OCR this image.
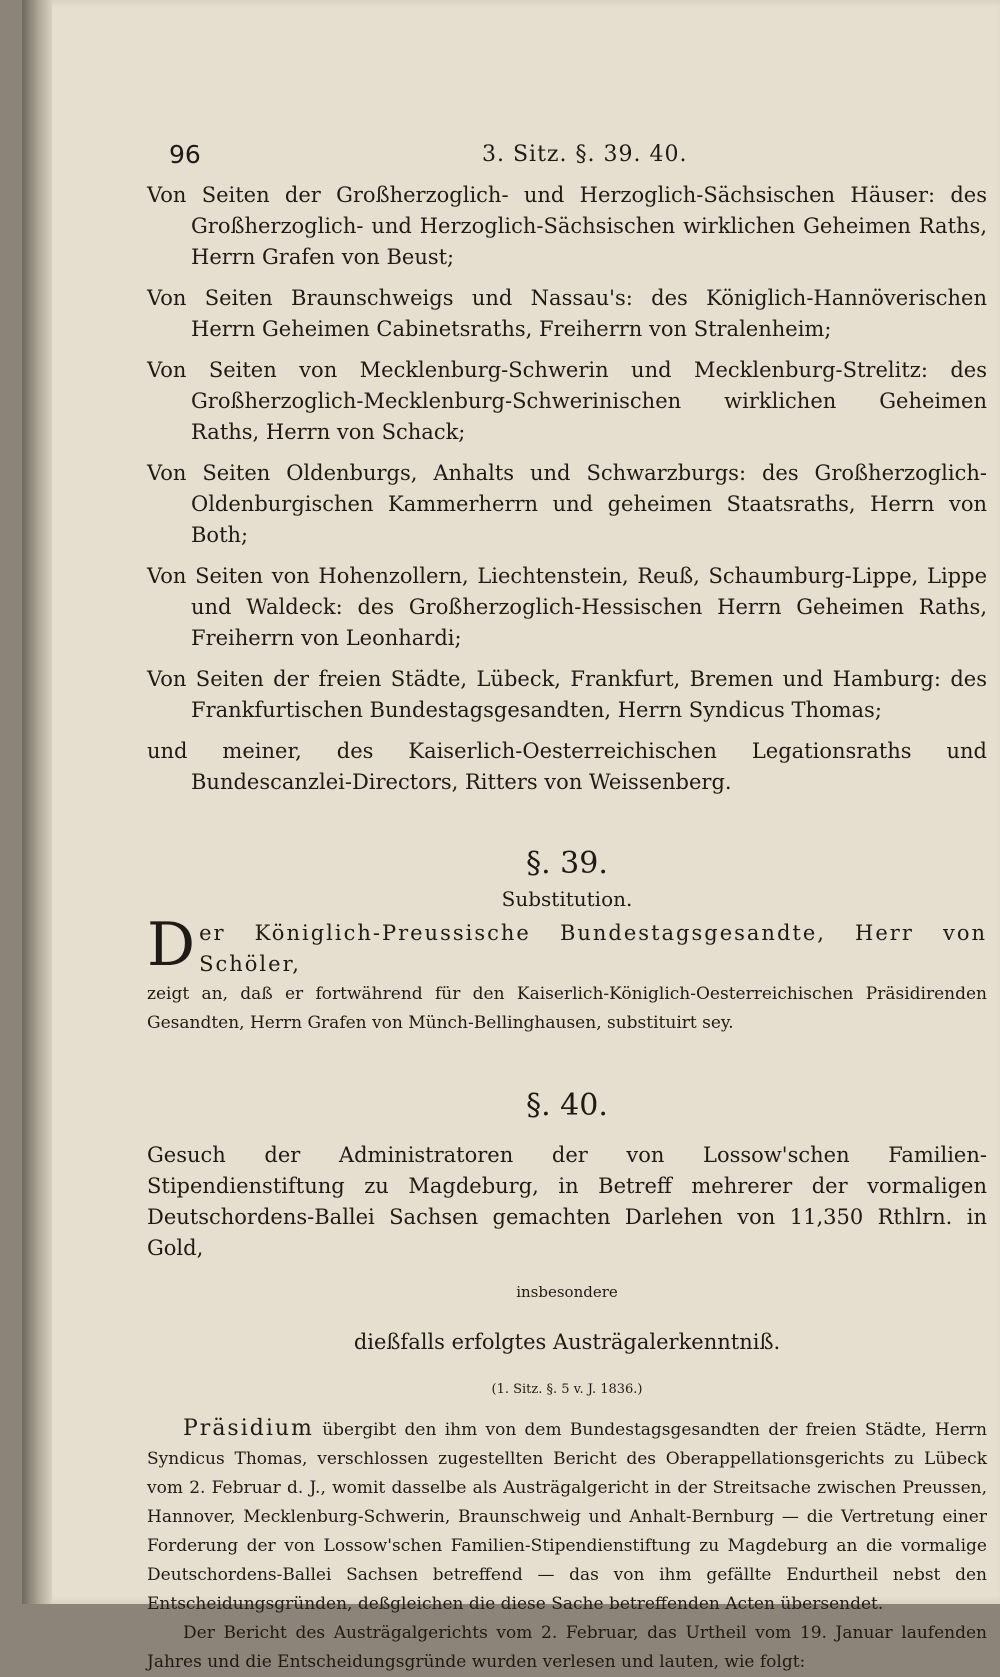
96	3. Sitz. §. 39. 40.

Von Seiten der Großherzoglich- und Herzoglich-Sächsischen Häuser: des Großherzoglich- und Herzoglich-Sächsischen wirklichen Geheimen Raths, Herrn Grafen von Beust;

Von Seiten Braunschweigs und Nassau's: des Königlich-Hannöverischen Herrn Geheimen Cabinetsraths, Freiherrn von Stralenheim;

Von Seiten von Mecklenburg-Schwerin und Mecklenburg-Strelitz: des Großherzoglich-Mecklenburg-Schwerinischen wirklichen Geheimen Raths, Herrn von Schack;

Von Seiten Oldenburgs, Anhalts und Schwarzburgs: des Großherzoglich-Oldenburgischen Kammerherrn und geheimen Staatsraths, Herrn von Both;

Von Seiten von Hohenzollern, Liechtenstein, Reuß, Schaumburg-Lippe, Lippe und Waldeck: des Großherzoglich-Hessischen Herrn Geheimen Raths, Freiherrn von Leonhardi;

Von Seiten der freien Städte, Lübeck, Frankfurt, Bremen und Hamburg: des Frankfurtischen Bundestagsgesandten, Herrn Syndicus Thomas;

und meiner, des Kaiserlich-Oesterreichischen Legationsraths und Bundescanzlei-Directors, Ritters von Weissenberg.

§. 39.

Substitution.

D er Königlich-Preussische Bundestagsgesandte, Herr von Schöler,

zeigt an, daß er fortwährend für den Kaiserlich-Königlich-Oesterreichischen Präsidirenden Gesandten, Herrn Grafen von Münch-Bellinghausen, substituirt sey.

§. 40.

Gesuch der Administratoren der von Lossow'schen Familien-Stipendienstiftung zu Magdeburg, in Betreff mehrerer der vormaligen Deutschordens-Ballei Sachsen gemachten Darlehen von 11,350 Rthlrn. in Gold,

insbesondere

dießfalls erfolgtes Austrägalerkenntniß.

(1. Sitz. §. 5 v. J. 1836.)

Präsidium übergibt den ihm von dem Bundestagsgesandten der freien Städte, Herrn Syndicus Thomas, verschlossen zugestellten Bericht des Oberappellationsgerichts zu Lübeck vom 2. Februar d. J., womit dasselbe als Austrägalgericht in der Streitsache zwischen Preussen, Hannover, Mecklenburg-Schwerin, Braunschweig und Anhalt-Bernburg — die Vertretung einer Forderung der von Lossow'schen Familien-Stipendienstiftung zu Magdeburg an die vormalige Deutschordens-Ballei Sachsen betreffend — das von ihm gefällte Endurtheil nebst den Entscheidungsgründen, deßgleichen die diese Sache betreffenden Acten übersendet.

Der Bericht des Austrägalgerichts vom 2. Februar, das Urtheil vom 19. Januar laufenden Jahres und die Entscheidungsgründe wurden verlesen und lauten, wie folgt:
